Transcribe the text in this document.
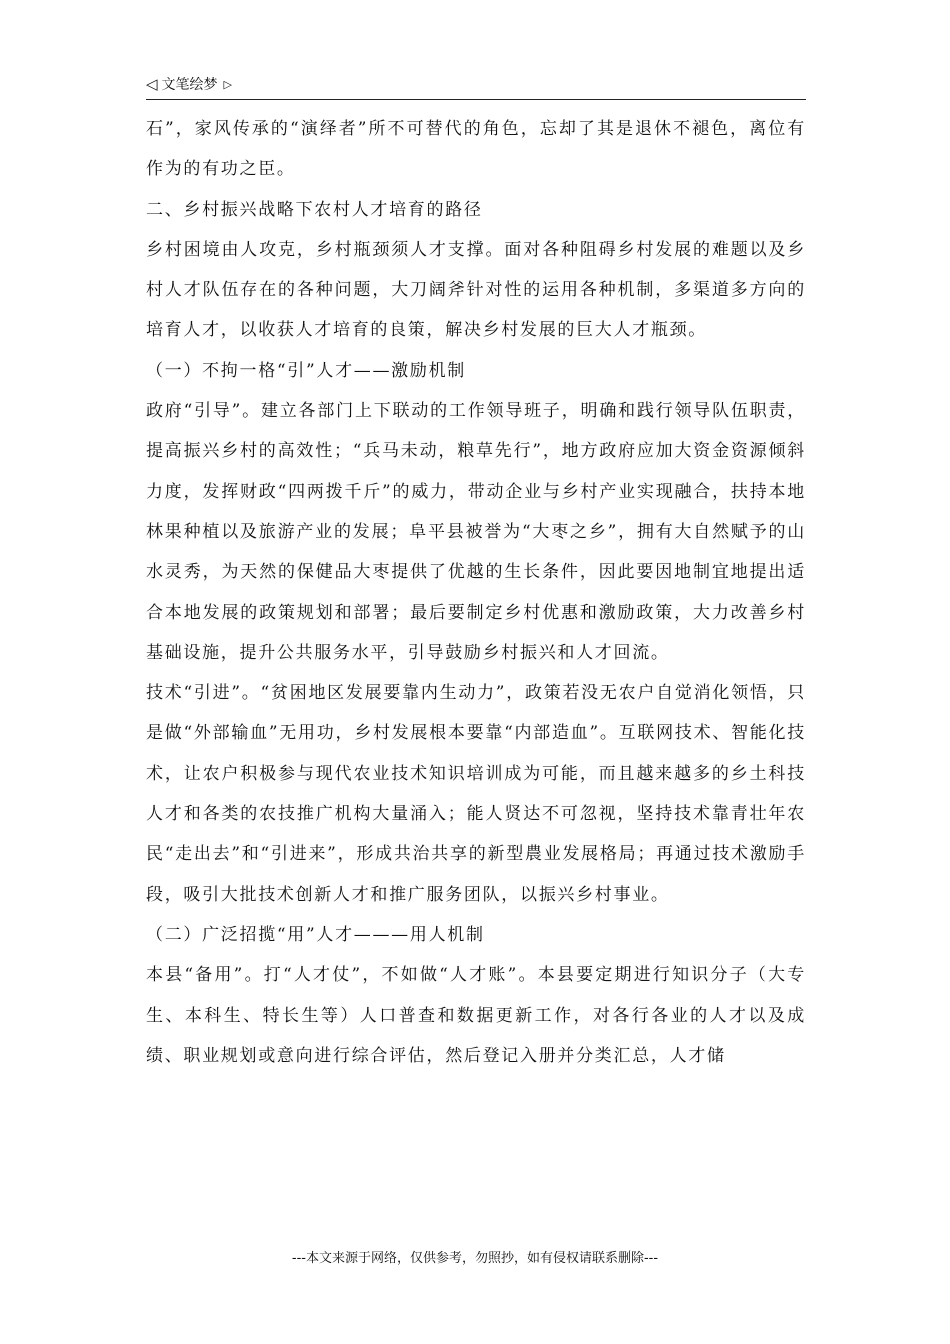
◁ 文笔绘梦 ▷

石”，家风传承的“演绎者”所不可替代的角色，忘却了其是退休不褪色，离位有作为的有功之臣。

二、乡村振兴战略下农村人才培育的路径

乡村困境由人攻克，乡村瓶颈须人才支撑。面对各种阻碍乡村发展的难题以及乡村人才队伍存在的各种问题，大刀阔斧针对性的运用各种机制，多渠道多方向的培育人才，以收获人才培育的良策，解决乡村发展的巨大人才瓶颈。

（一）不拘一格“引”人才——激励机制

政府“引导”。建立各部门上下联动的工作领导班子，明确和践行领导队伍职责，提高振兴乡村的高效性；“兵马未动，粮草先行”，地方政府应加大资金资源倾斜力度，发挥财政“四两拨千斤”的威力，带动企业与乡村产业实现融合，扶持本地林果种植以及旅游产业的发展；阜平县被誉为“大枣之乡”，拥有大自然赋予的山水灵秀，为天然的保健品大枣提供了优越的生长条件，因此要因地制宜地提出适合本地发展的政策规划和部署；最后要制定乡村优惠和激励政策，大力改善乡村基础设施，提升公共服务水平，引导鼓励乡村振兴和人才回流。

技术“引进”。“贫困地区发展要靠内生动力”，政策若没无农户自觉消化领悟，只是做“外部输血”无用功，乡村发展根本要靠“内部造血”。互联网技术、智能化技术，让农户积极参与现代农业技术知识培训成为可能，而且越来越多的乡土科技人才和各类的农技推广机构大量涌入；能人贤达不可忽视，坚持技术靠青壮年农民“走出去”和“引进来”，形成共治共享的新型農业发展格局；再通过技术激励手段，吸引大批技术创新人才和推广服务团队，以振兴乡村事业。

（二）广泛招揽“用”人才———用人机制

本县“备用”。打“人才仗”，不如做“人才账”。本县要定期进行知识分子（大专生、本科生、特长生等）人口普查和数据更新工作，对各行各业的人才以及成绩、职业规划或意向进行综合评估，然后登记入册并分类汇总，人才储

---本文来源于网络，仅供参考，勿照抄，如有侵权请联系删除---
